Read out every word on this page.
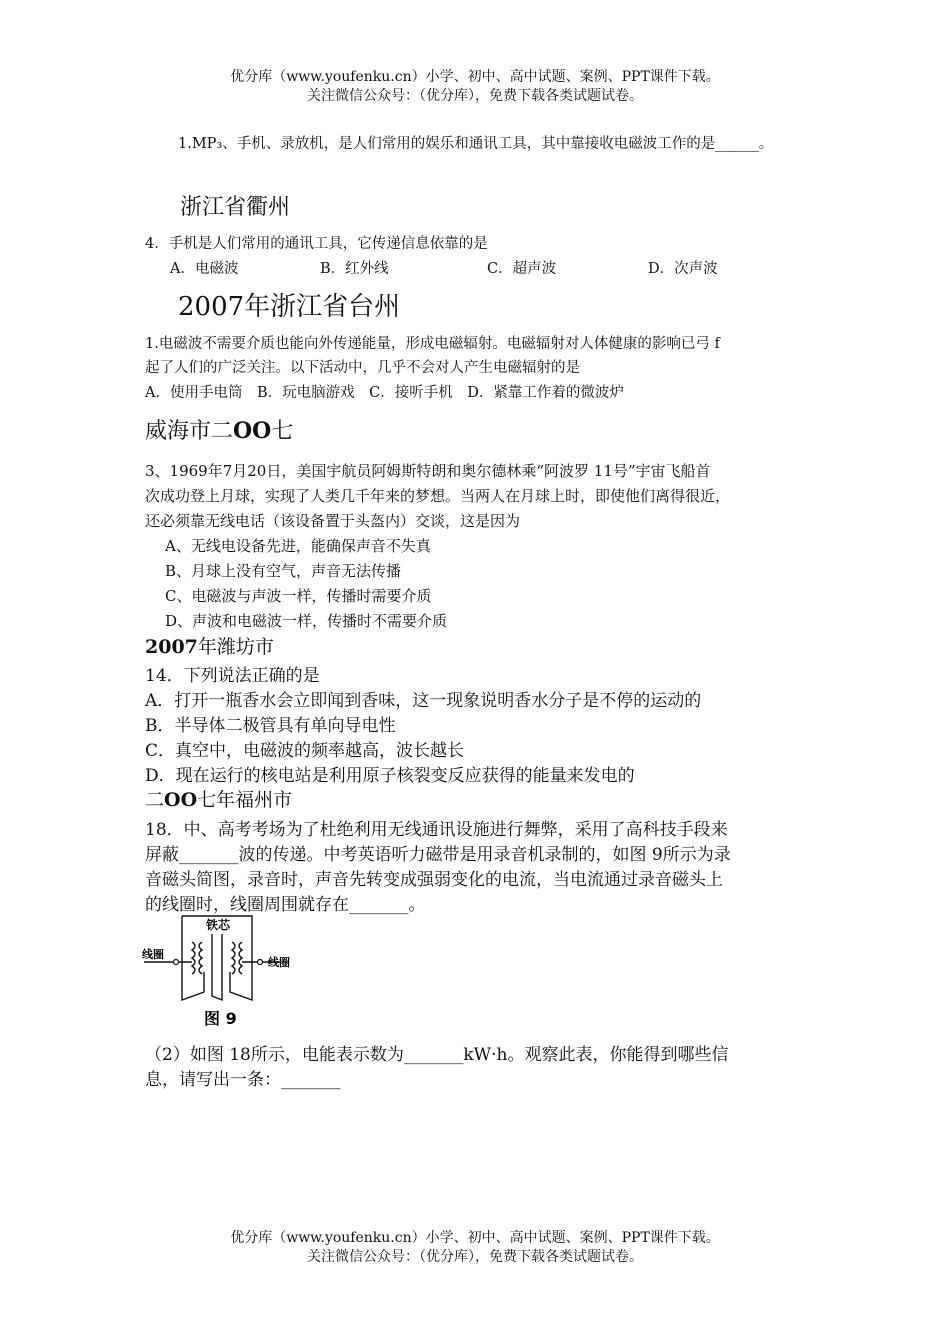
优分库（www.youfenku.cn）小学、初中、高中试题、案例、PPT课件下载。
关注微信公众号：（优分库），免费下载各类试题试卷。
1.MP₃、手机、录放机，是人们常用的娱乐和通讯工具，其中靠接收电磁波工作的是______。
浙江省衢州
4．手机是人们常用的通讯工具，它传递信息依靠的是
A．电磁波	B．红外线	C．超声波	D．次声波
2007年浙江省台州
1.电磁波不需要介质也能向外传递能量，形成电磁辐射。电磁辐射对人体健康的影响已弓 f
起了人们的广泛关注。以下活动中，几乎不会对人产生电磁辐射的是
A．使用手电筒　B．玩电脑游戏　C．接听手机　D．紧靠工作着的微波炉
威海市二OO七
3、1969年7月20日，美国宇航员阿姆斯特朗和奥尔德林乘“阿波罗 11号”宇宙飞船首
次成功登上月球，实现了人类几千年来的梦想。当两人在月球上时，即使他们离得很近，
还必须靠无线电话（该设备置于头盔内）交谈，这是因为
A、无线电设备先进，能确保声音不失真
B、月球上没有空气，声音无法传播
C、电磁波与声波一样，传播时需要介质
D、声波和电磁波一样，传播时不需要介质
2007年潍坊市
14．下列说法正确的是
A．打开一瓶香水会立即闻到香味，这一现象说明香水分子是不停的运动的
B．半导体二极管具有单向导电性
C．真空中，电磁波的频率越高，波长越长
D．现在运行的核电站是利用原子核裂变反应获得的能量来发电的
二OO七年福州市
18．中、高考考场为了杜绝利用无线通讯设施进行舞弊，采用了高科技手段来
屏蔽_______波的传递。中考英语听力磁带是用录音机录制的，如图 9所示为录
音磁头简图，录音时，声音先转变成强弱变化的电流，当电流通过录音磁头上
的线圈时，线圈周围就存在_______。
铁芯
线圈
线圈
图 9
（2）如图 18所示，电能表示数为_______kW·h。观察此表，你能得到哪些信
息，请写出一条：_______
优分库（www.youfenku.cn）小学、初中、高中试题、案例、PPT课件下载。
关注微信公众号：（优分库），免费下载各类试题试卷。
